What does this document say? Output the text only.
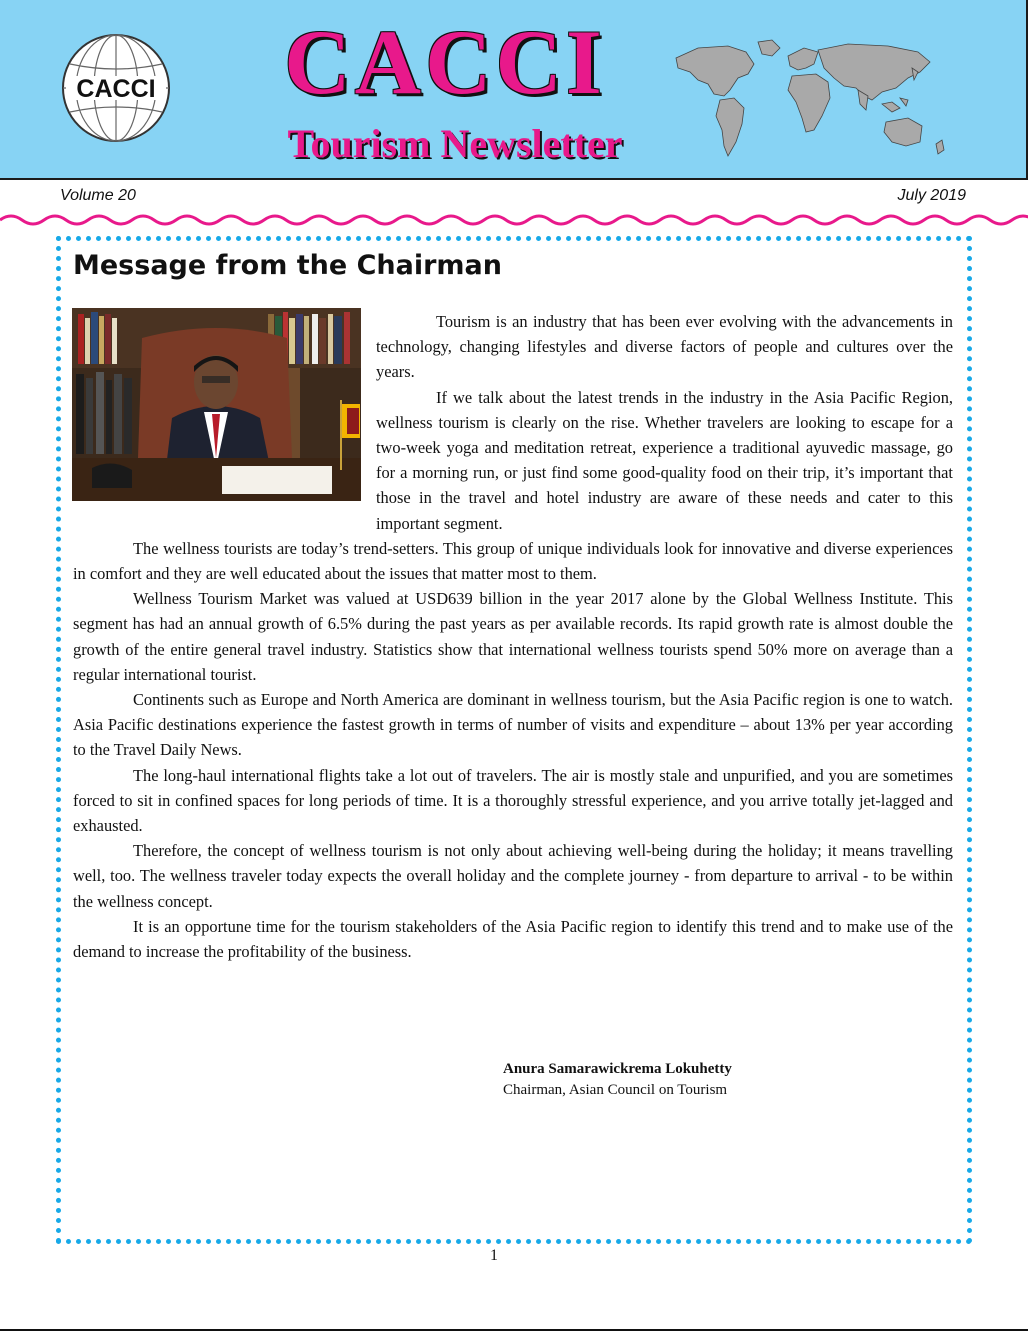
CACCI	CACCI
Tourism Newsletter
Volume 20	July 2019
Message from the Chairman

Tourism is an industry that has been ever evolving with the advancements in technology, changing lifestyles and diverse factors of people and cultures over the years.

If we talk about the latest trends in the industry in the Asia Pacific Region, wellness tourism is clearly on the rise. Whether travelers are looking to escape for a two-week yoga and meditation retreat, experience a traditional ayuvedic massage, go for a morning run, or just find some good-quality food on their trip, it’s important that those in the travel and hotel industry are aware of these needs and cater to this important segment.

The wellness tourists are today’s trend-setters. This group of unique individuals look for innovative and diverse experiences in comfort and they are well educated about the issues that matter most to them.

Wellness Tourism Market was valued at USD639 billion in the year 2017 alone by the Global Wellness Institute. This segment has had an annual growth of 6.5% during the past years as per available records. Its rapid growth rate is almost double the growth of the entire general travel industry. Statistics show that international wellness tourists spend 50% more on average than a regular international tourist.

Continents such as Europe and North America are dominant in wellness tourism, but the Asia Pacific region is one to watch. Asia Pacific destinations experience the fastest growth in terms of number of visits and expenditure – about 13% per year according to the Travel Daily News.

The long-haul international flights take a lot out of travelers. The air is mostly stale and unpurified, and you are sometimes forced to sit in confined spaces for long periods of time. It is a thoroughly stressful experience, and you arrive totally jet-lagged and exhausted.

Therefore, the concept of wellness tourism is not only about achieving well-being during the holiday; it means travelling well, too. The wellness traveler today expects the overall holiday and the complete journey - from departure to arrival - to be within the wellness concept.

It is an opportune time for the tourism stakeholders of the Asia Pacific region to identify this trend and to make use of the demand to increase the profitability of the business.

Anura Samarawickrema Lokuhetty
Chairman, Asian Council on Tourism
1
